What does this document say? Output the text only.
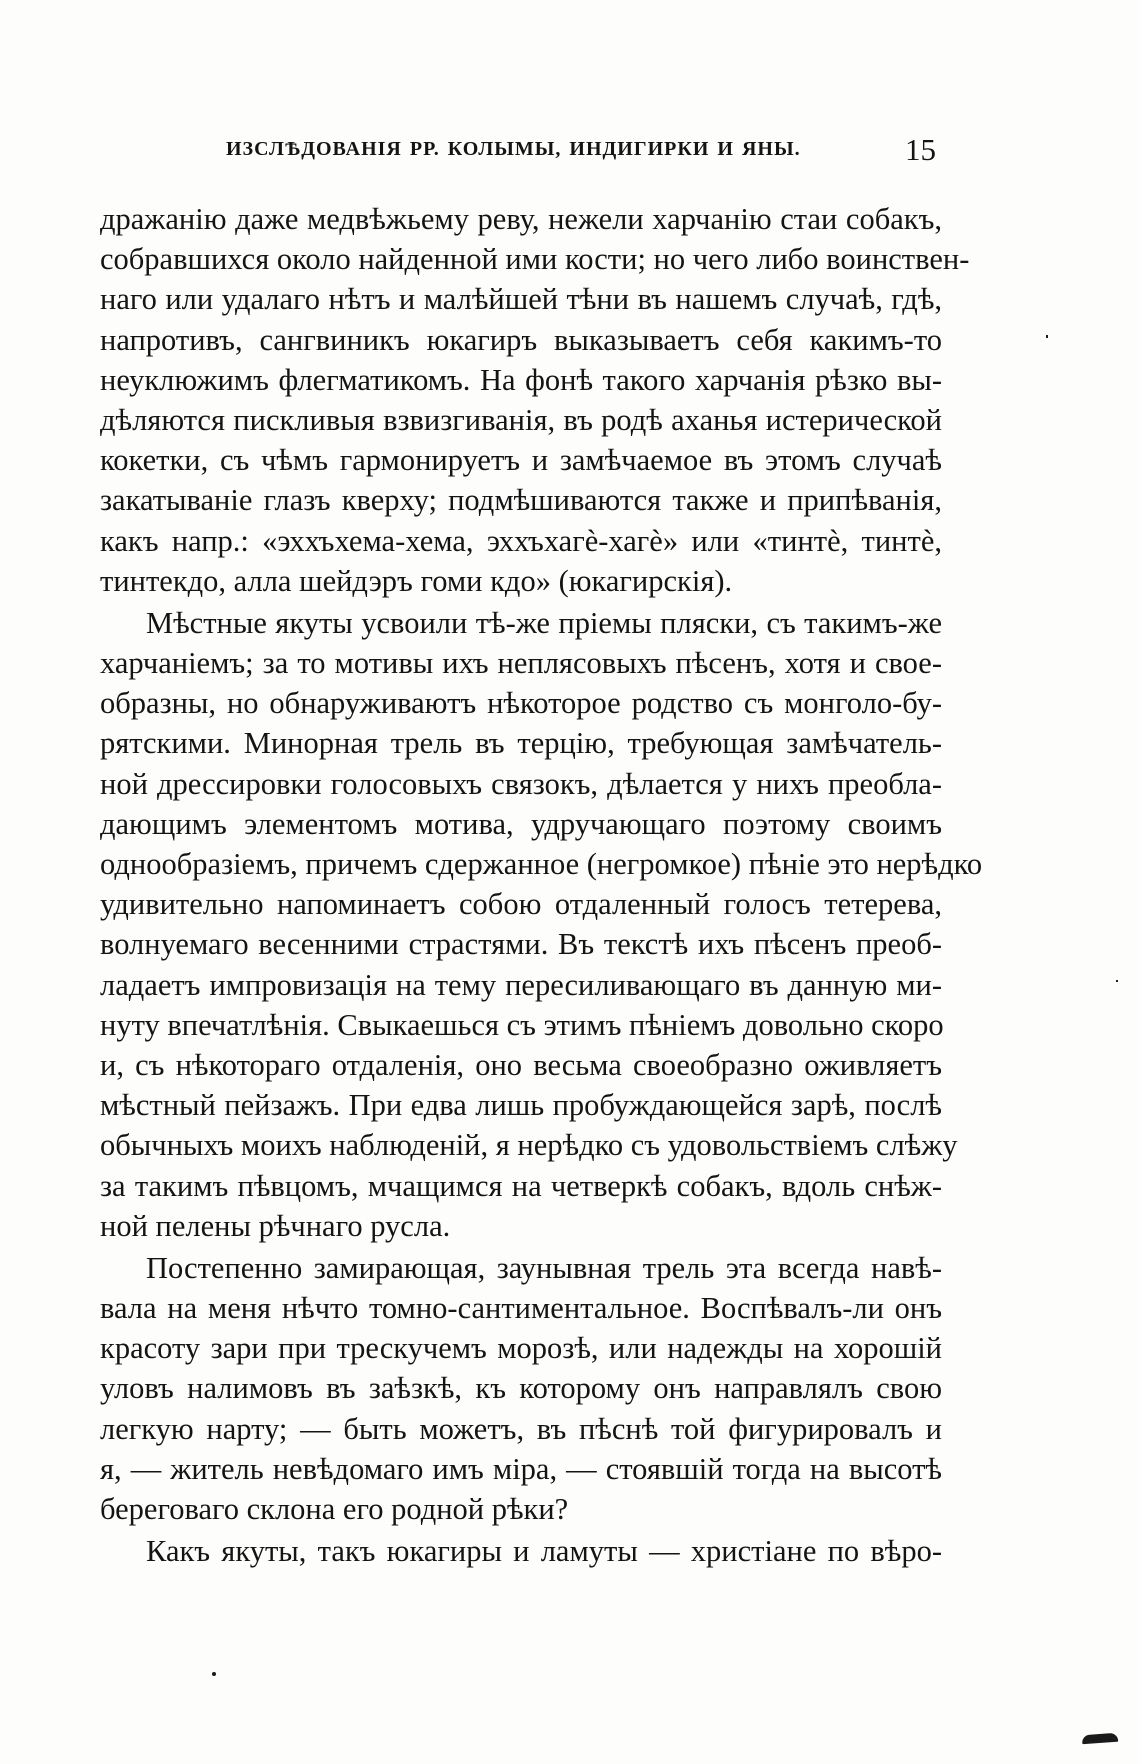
ИЗСЛѢДОВАНІЯ РР. КОЛЫМЫ, ИНДИГИРКИ И ЯНЫ.	15
дражанію даже медвѣжьему реву, нежели харчанію стаи собакъ,
собравшихся около найденной ими кости; но чего либо воинствен-
наго или удалаго нѣтъ и малѣйшей тѣни въ нашемъ случаѣ, гдѣ,
напротивъ, сангвиникъ юкагиръ выказываетъ себя какимъ-то
неуклюжимъ флегматикомъ. На фонѣ такого харчанія рѣзко вы-
дѣляются пискливыя взвизгиванія, въ родѣ аханья истерической
кокетки, съ чѣмъ гармонируетъ и замѣчаемое въ этомъ случаѣ
закатываніе глазъ кверху; подмѣшиваются также и припѣванія,
какъ напр.: «эххъхема-хема, эххъхагè-хагè» или «тинтè, тинтè,
тинтекдо, алла шейдэръ гоми кдо» (юкагирскія).
Мѣстные якуты усвоили тѣ-же пріемы пляски, съ такимъ-же
харчаніемъ; за то мотивы ихъ неплясовыхъ пѣсенъ, хотя и свое-
образны, но обнаруживаютъ нѣкоторое родство съ монголо-бу-
рятскими. Минорная трель въ терцію, требующая замѣчатель-
ной дрессировки голосовыхъ связокъ, дѣлается у нихъ преобла-
дающимъ элементомъ мотива, удручающаго поэтому своимъ
однообразіемъ, причемъ сдержанное (негромкое) пѣніе это нерѣдко
удивительно напоминаетъ собою отдаленный голосъ тетерева,
волнуемаго весенними страстями. Въ текстѣ ихъ пѣсенъ преоб-
ладаетъ импровизація на тему пересиливающаго въ данную ми-
нуту впечатлѣнія. Свыкаешься съ этимъ пѣніемъ довольно скоро
и, съ нѣкотораго отдаленія, оно весьма своеобразно оживляетъ
мѣстный пейзажъ. При едва лишь пробуждающейся зарѣ, послѣ
обычныхъ моихъ наблюденій, я нерѣдко съ удовольствіемъ слѣжу
за такимъ пѣвцомъ, мчащимся на четверкѣ собакъ, вдоль снѣж-
ной пелены рѣчнаго русла.
Постепенно замирающая, заунывная трель эта всегда навѣ-
вала на меня нѣчто томно-сантиментальное. Воспѣвалъ-ли онъ
красоту зари при трескучемъ морозѣ, или надежды на хорошій
уловъ налимовъ въ заѣзкѣ, къ которому онъ направлялъ свою
легкую нарту; — быть можетъ, въ пѣснѣ той фигурировалъ и
я, — житель невѣдомаго имъ міра, — стоявшій тогда на высотѣ
береговаго склона его родной рѣки?
Какъ якуты, такъ юкагиры и ламуты — христіане по вѣро-
